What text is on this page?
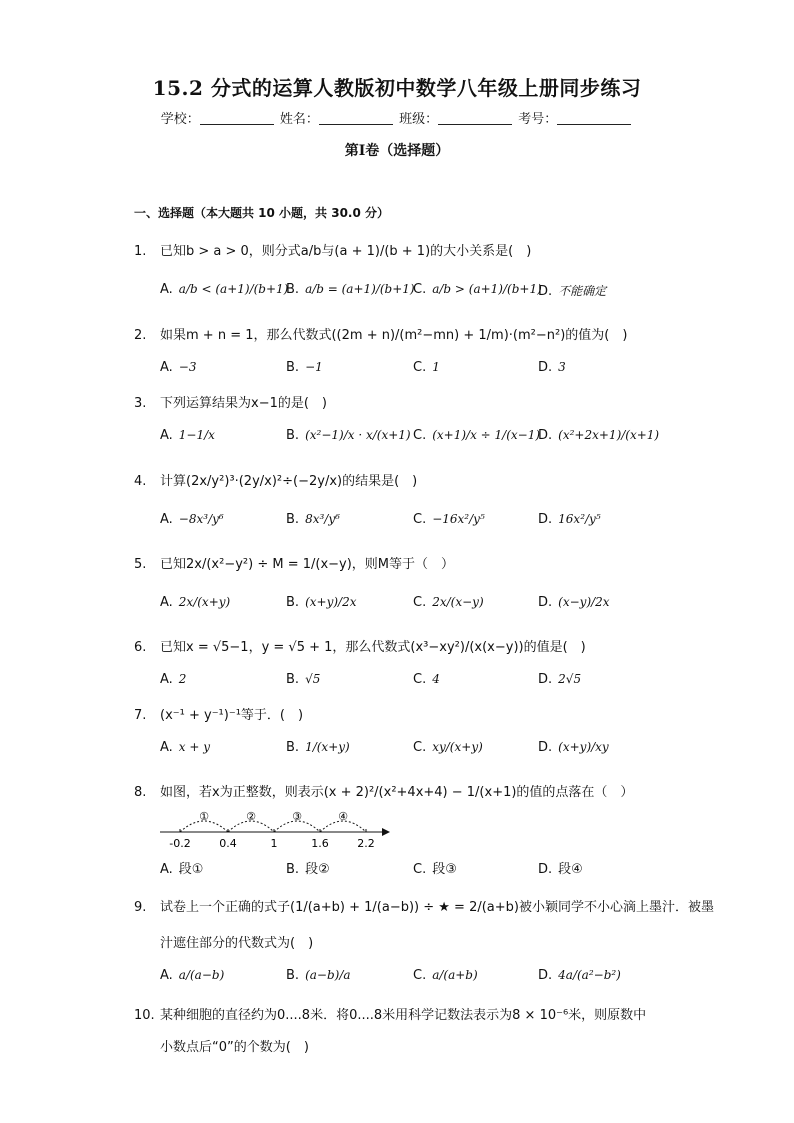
15.2 分式的运算人教版初中数学八年级上册同步练习
学校：	姓名：	班级：	考号：
第Ⅰ卷（选择题）
一、选择题（本大题共 10 小题，共 30.0 分）
1. 已知b > a > 0，则分式a/b与(a + 1)/(b + 1)的大小关系是(　)
A. a/b < (a+1)/(b+1)
B. a/b = (a+1)/(b+1)
C. a/b > (a+1)/(b+1)
D. 不能确定
2. 如果m + n = 1，那么代数式((2m + n)/(m²−mn) + 1/m)·(m²−n²)的值为(　)
A. −3	B. −1	C. 1	D. 3
3. 下列运算结果为x−1的是(　)
A. 1−1/x	B. (x²−1)/x · x/(x+1) C. (x+1)/x ÷ 1/(x−1)
D. (x²+2x+1)/(x+1)
4. 计算(2x/y²)³·(2y/x)²÷(−2y/x)的结果是(　)
A. −8x³/y⁶	B. 8x³/y⁶	C. −16x²/y⁵	D. 16x²/y⁵
5. 已知2x/(x²−y²) ÷ M = 1/(x−y)，则M等于（　）
A. 2x/(x+y)	B. (x+y)/2x	C. 2x/(x−y)	D. (x−y)/2x
6. 已知x = √5−1，y = √5 + 1，那么代数式(x³−xy²)/(x(x−y))的值是(　)
A. 2	B. √5	C. 4	D. 2√5
7. (x⁻¹ + y⁻¹)⁻¹等于．(　)
A. x + y	B. 1/(x+y)	C. xy/(x+y)	D. (x+y)/xy
8. 如图，若x为正整数，则表示(x + 2)²/(x²+4x+4) − 1/(x+1)的值的点落在（　）
①	②	③	④
-0.2	0.4	1	1.6	2.2
A. 段①	B. 段②	C. 段③	D. 段④
9. 试卷上一个正确的式子(1/(a+b) + 1/(a−b)) ÷ ★ = 2/(a+b)被小颖同学不小心滴上墨汁．被墨
汁遮住部分的代数式为(　)
A. a/(a−b)	B. (a−b)/a	C. a/(a+b)	D. 4a/(a²−b²)
10. 某种细胞的直径约为0....8米．将0....8米用科学记数法表示为8 × 10⁻⁶米，则原数中
小数点后“0”的个数为(　)
